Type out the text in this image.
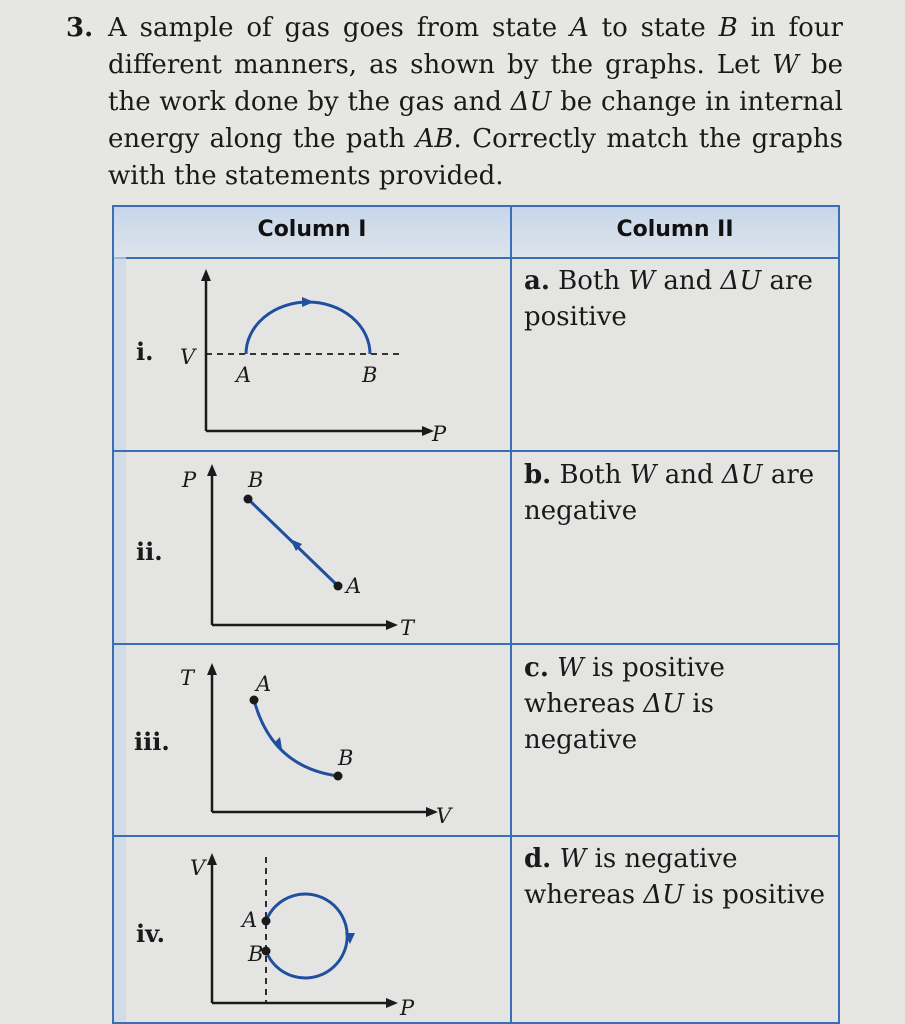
3. A sample of gas goes from state A to state B in four different manners, as shown by the graphs. Let W be the work done by the gas and ΔU be change in internal energy along the path AB. Correctly match the graphs with the statements provided.
Column I	Column II
i. V
P
A	B
a. Both W and ΔU are positive
ii.
P
T
B
A
b. Both W and ΔU are negative
iii.
T
V
A
B
c. W is positive whereas ΔU is negative
iv.
V
P
A
B
d. W is negative whereas ΔU is positive
